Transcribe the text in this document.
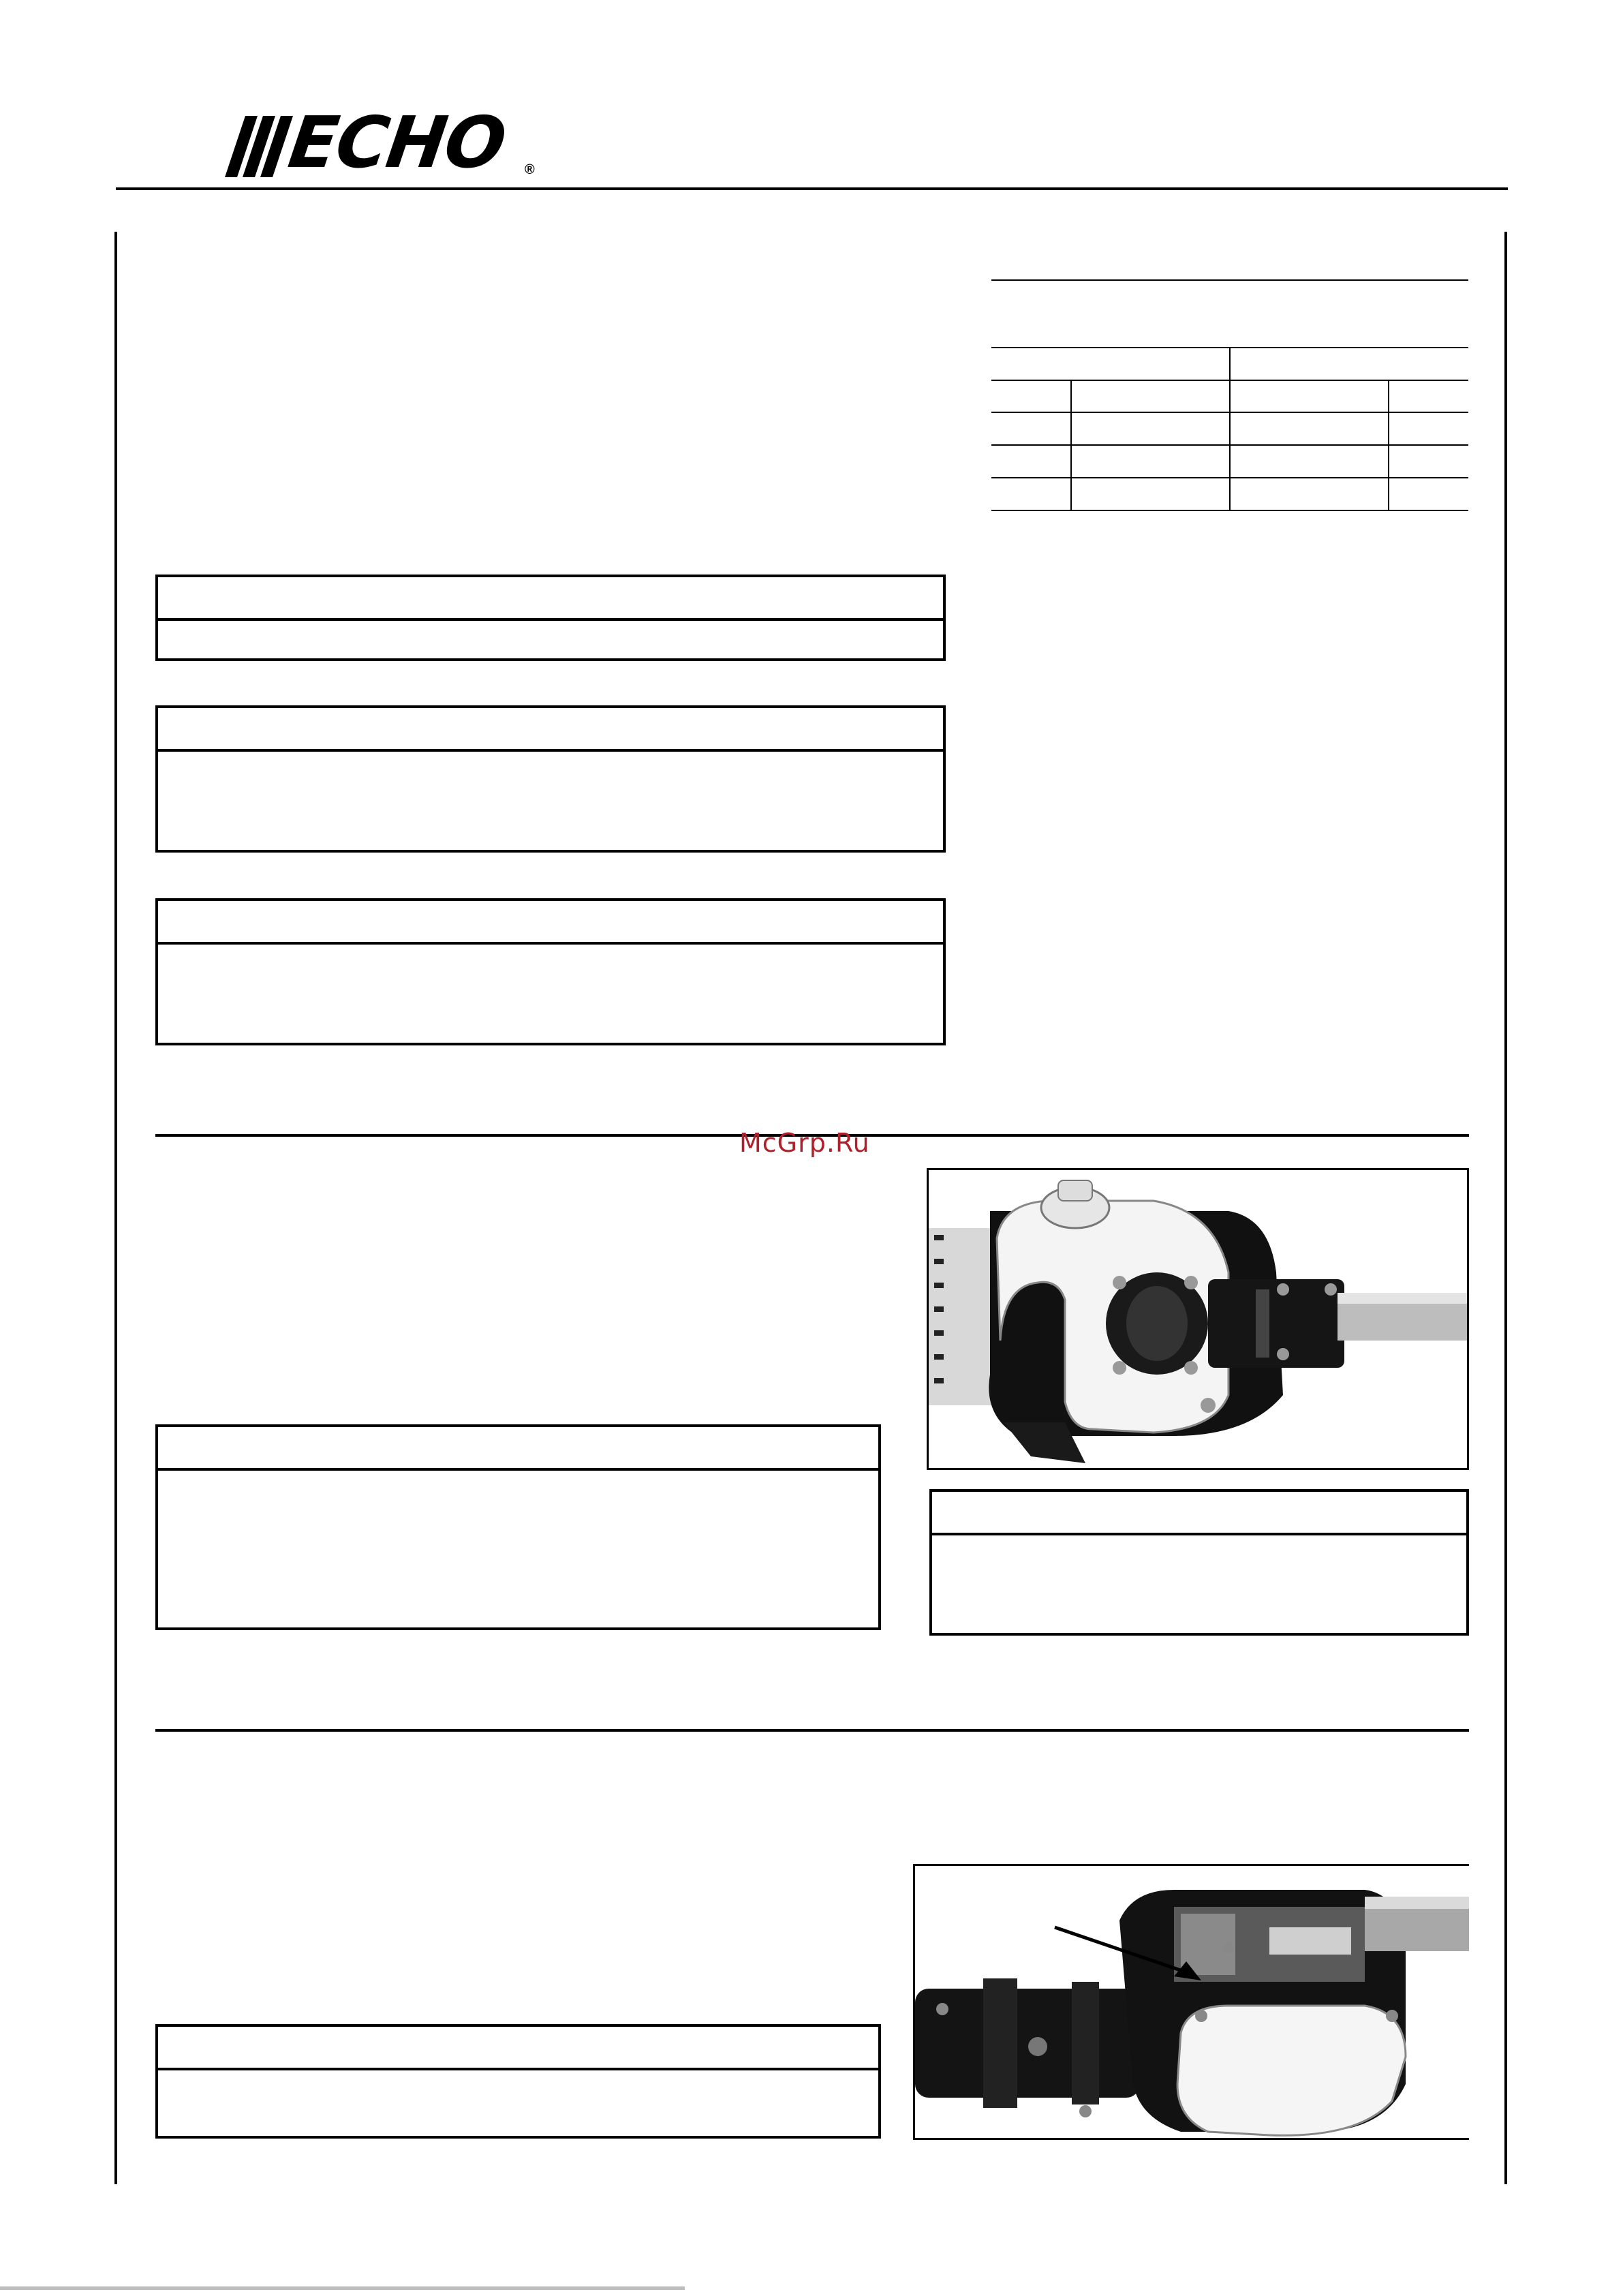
ECHO ®

McGrp.Ru
